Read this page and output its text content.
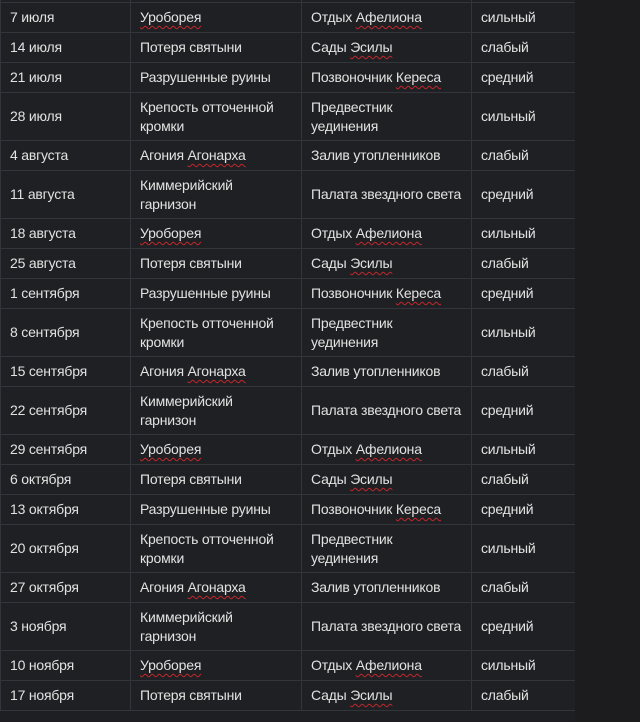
7 июля	Уроборея	Отдых Афелиона	сильный
14 июля	Потеря святыни	Сады Эсилы	слабый
21 июля	Разрушенные руины	Позвоночник Кереса	средний
28 июля	Крепость отточенной кромки	Предвестник уединения	сильный
4 августа	Агония Агонарха	Залив утопленников	слабый
11 августа	Киммерийский гарнизон	Палата звездного света	средний
18 августа	Уроборея	Отдых Афелиона	сильный
25 августа	Потеря святыни	Сады Эсилы	слабый
1 сентября	Разрушенные руины	Позвоночник Кереса	средний
8 сентября	Крепость отточенной кромки	Предвестник уединения	сильный
15 сентября	Агония Агонарха	Залив утопленников	слабый
22 сентября	Киммерийский гарнизон	Палата звездного света	средний
29 сентября	Уроборея	Отдых Афелиона	сильный
6 октября	Потеря святыни	Сады Эсилы	слабый
13 октября	Разрушенные руины	Позвоночник Кереса	средний
20 октября	Крепость отточенной кромки	Предвестник уединения	сильный
27 октября	Агония Агонарха	Залив утопленников	слабый
3 ноября	Киммерийский гарнизон	Палата звездного света	средний
10 ноября	Уроборея	Отдых Афелиона	сильный
17 ноября	Потеря святыни	Сады Эсилы	слабый
